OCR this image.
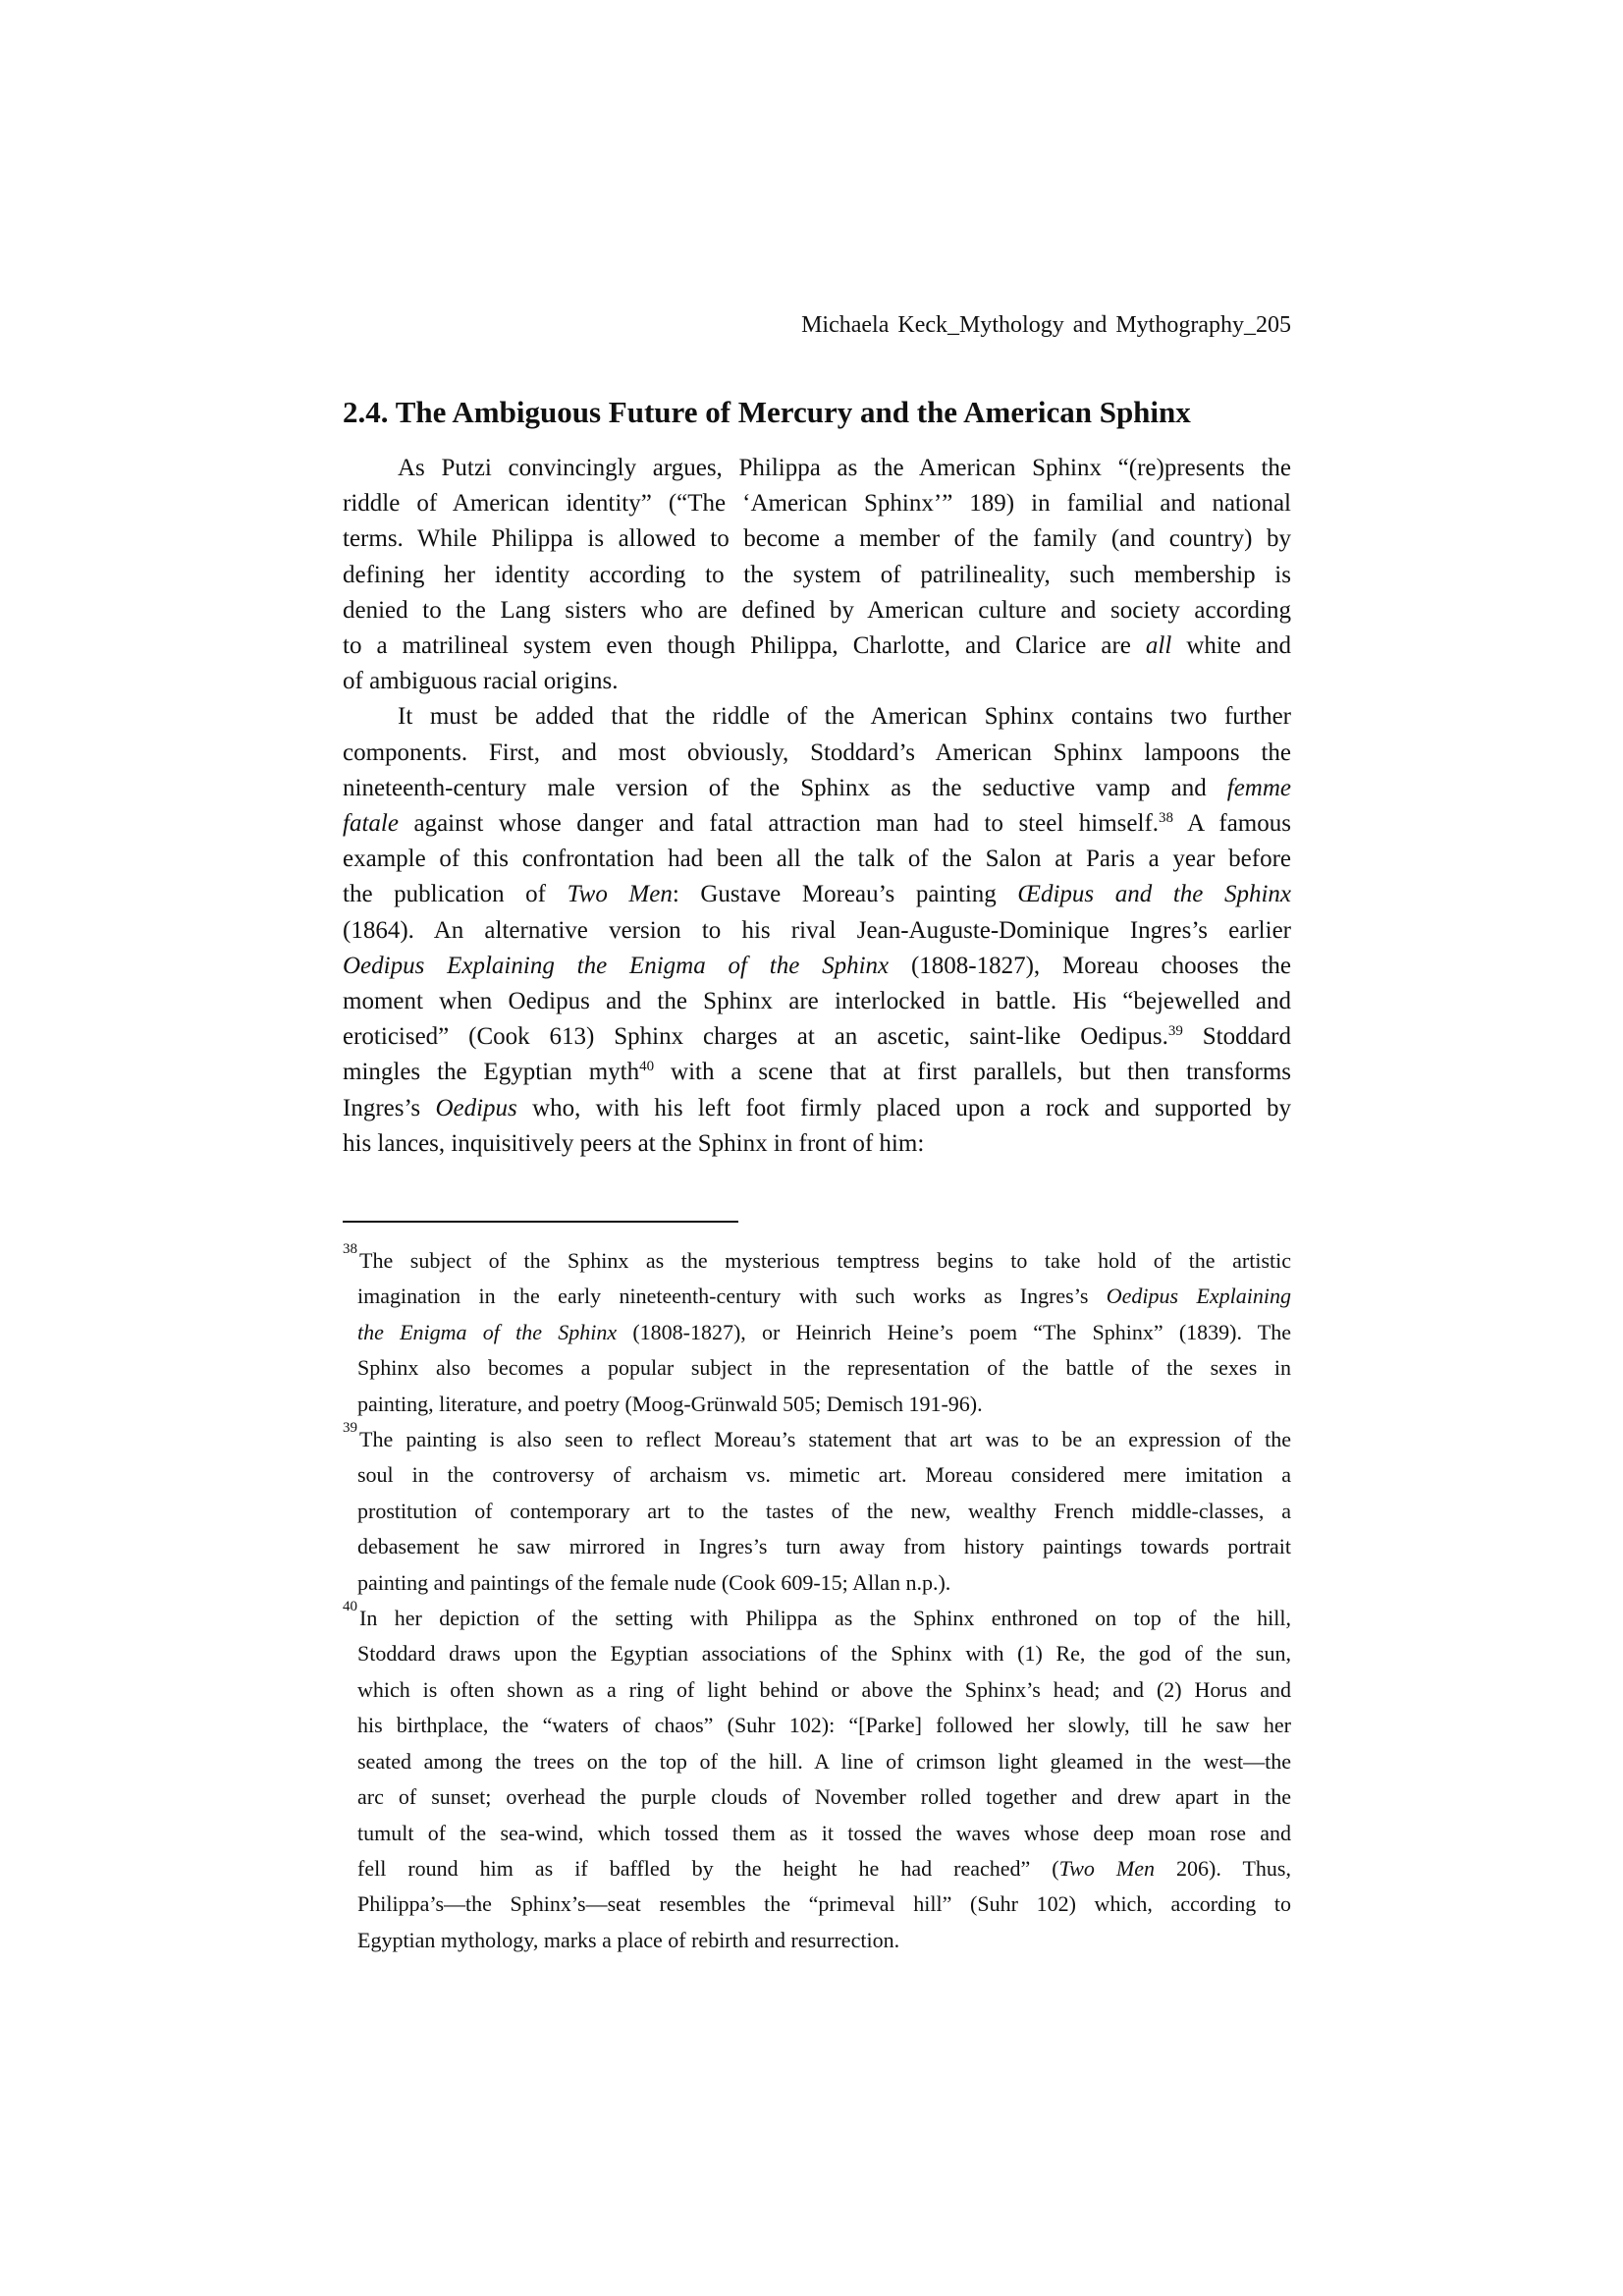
Michaela Keck_Mythology and Mythography_205
2.4. The Ambiguous Future of Mercury and the American Sphinx

As Putzi convincingly argues, Philippa as the American Sphinx “(re)presents the
riddle of American identity” (“The ‘American Sphinx’” 189) in familial and national
terms. While Philippa is allowed to become a member of the family (and country) by
defining her identity according to the system of patrilineality, such membership is
denied to the Lang sisters who are defined by American culture and society according
to a matrilineal system even though Philippa, Charlotte, and Clarice are all white and
of ambiguous racial origins.

It must be added that the riddle of the American Sphinx contains two further
components. First, and most obviously, Stoddard’s American Sphinx lampoons the
nineteenth-century male version of the Sphinx as the seductive vamp and femme
fatale against whose danger and fatal attraction man had to steel himself.$^{38}$ A famous
example of this confrontation had been all the talk of the Salon at Paris a year before
the publication of Two Men: Gustave Moreau’s painting Œdipus and the Sphinx
(1864). An alternative version to his rival Jean-Auguste-Dominique Ingres’s earlier
Oedipus Explaining the Enigma of the Sphinx (1808-1827), Moreau chooses the
moment when Oedipus and the Sphinx are interlocked in battle. His “bejewelled and
eroticised” (Cook 613) Sphinx charges at an ascetic, saint-like Oedipus.$^{39}$ Stoddard
mingles the Egyptian myth$^{40}$ with a scene that at first parallels, but then transforms
Ingres’s Oedipus who, with his left foot firmly placed upon a rock and supported by
his lances, inquisitively peers at the Sphinx in front of him:

38 The subject of the Sphinx as the mysterious temptress begins to take hold of the artistic
imagination in the early nineteenth-century with such works as Ingres’s Oedipus Explaining
the Enigma of the Sphinx (1808-1827), or Heinrich Heine’s poem “The Sphinx” (1839). The
Sphinx also becomes a popular subject in the representation of the battle of the sexes in
painting, literature, and poetry (Moog-Grünwald 505; Demisch 191-96).
39 The painting is also seen to reflect Moreau’s statement that art was to be an expression of the
soul in the controversy of archaism vs. mimetic art. Moreau considered mere imitation a
prostitution of contemporary art to the tastes of the new, wealthy French middle-classes, a
debasement he saw mirrored in Ingres’s turn away from history paintings towards portrait
painting and paintings of the female nude (Cook 609-15; Allan n.p.).
40 In her depiction of the setting with Philippa as the Sphinx enthroned on top of the hill,
Stoddard draws upon the Egyptian associations of the Sphinx with (1) Re, the god of the sun,
which is often shown as a ring of light behind or above the Sphinx’s head; and (2) Horus and
his birthplace, the “waters of chaos” (Suhr 102): “[Parke] followed her slowly, till he saw her
seated among the trees on the top of the hill. A line of crimson light gleamed in the west—the
arc of sunset; overhead the purple clouds of November rolled together and drew apart in the
tumult of the sea-wind, which tossed them as it tossed the waves whose deep moan rose and
fell round him as if baffled by the height he had reached” (Two Men 206). Thus,
Philippa’s—the Sphinx’s—seat resembles the “primeval hill” (Suhr 102) which, according to
Egyptian mythology, marks a place of rebirth and resurrection.
